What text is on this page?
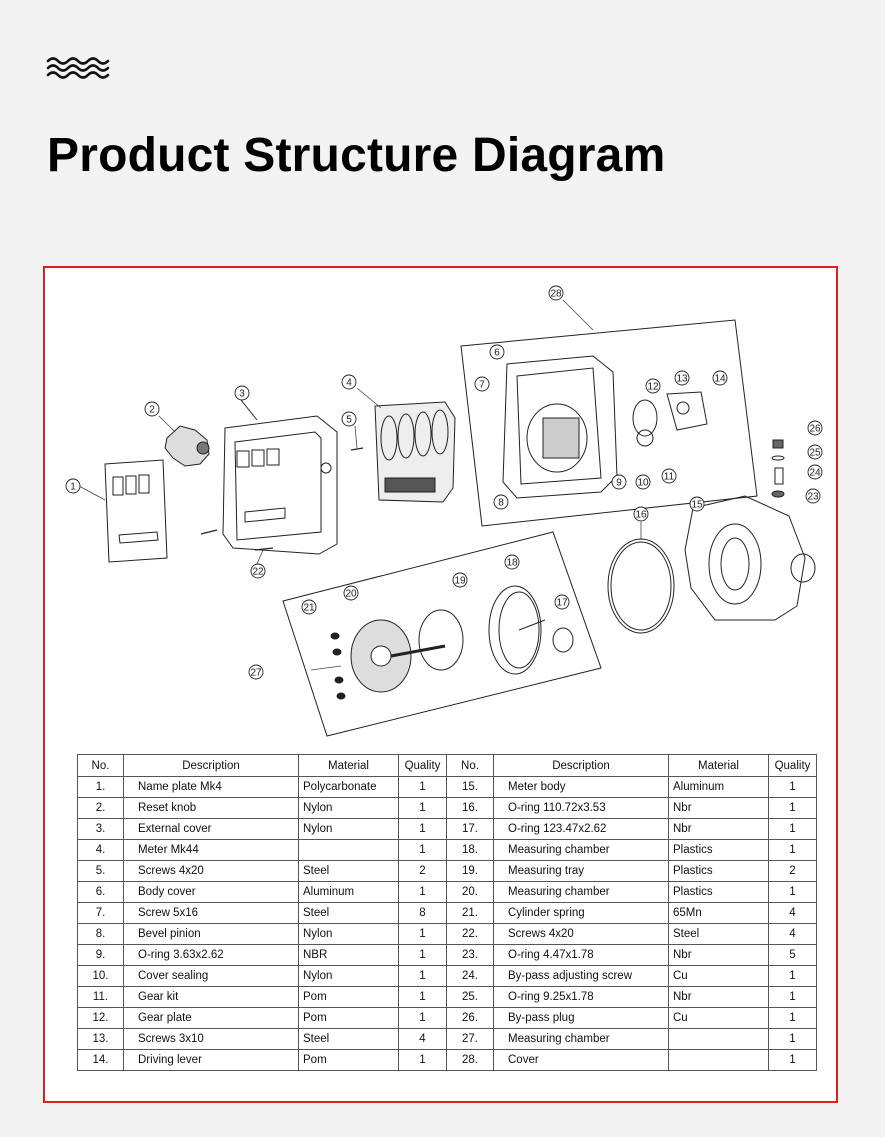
Product Structure Diagram
1
2
3
4
5
6
7
8
9 10
11
12
13	14
15
16
17
18
19
20
21
22
23
24
25
26
27
28
No.	Description	Material	Quality	No.	Description	Material	Quality
1.	Name plate Mk4	Polycarbonate	1	15.	Meter body	Aluminum	1
2.	Reset knob	Nylon	1	16.	O-ring 110.72x3.53	Nbr	1
3.	External cover	Nylon	1	17.	O-ring 123.47x2.62	Nbr	1
4.	Meter Mk44		1	18.	Measuring chamber	Plastics	1
5.	Screws 4x20	Steel	2	19.	Measuring tray	Plastics	2
6.	Body cover	Aluminum	1	20.	Measuring chamber	Plastics	1
7.	Screw 5x16	Steel	8	21.	Cylinder spring	65Mn	4
8.	Bevel pinion	Nylon	1	22.	Screws 4x20	Steel	4
9.	O-ring 3.63x2.62	NBR	1	23.	O-ring 4.47x1.78	Nbr	5
10.	Cover sealing	Nylon	1	24.	By-pass adjusting screw	Cu	1
11.	Gear kit	Pom	1	25.	O-ring 9.25x1.78	Nbr	1
12.	Gear plate	Pom	1	26.	By-pass plug	Cu	1
13.	Screws 3x10	Steel	4	27.	Measuring chamber		1
14.	Driving lever	Pom	1	28.	Cover		1
